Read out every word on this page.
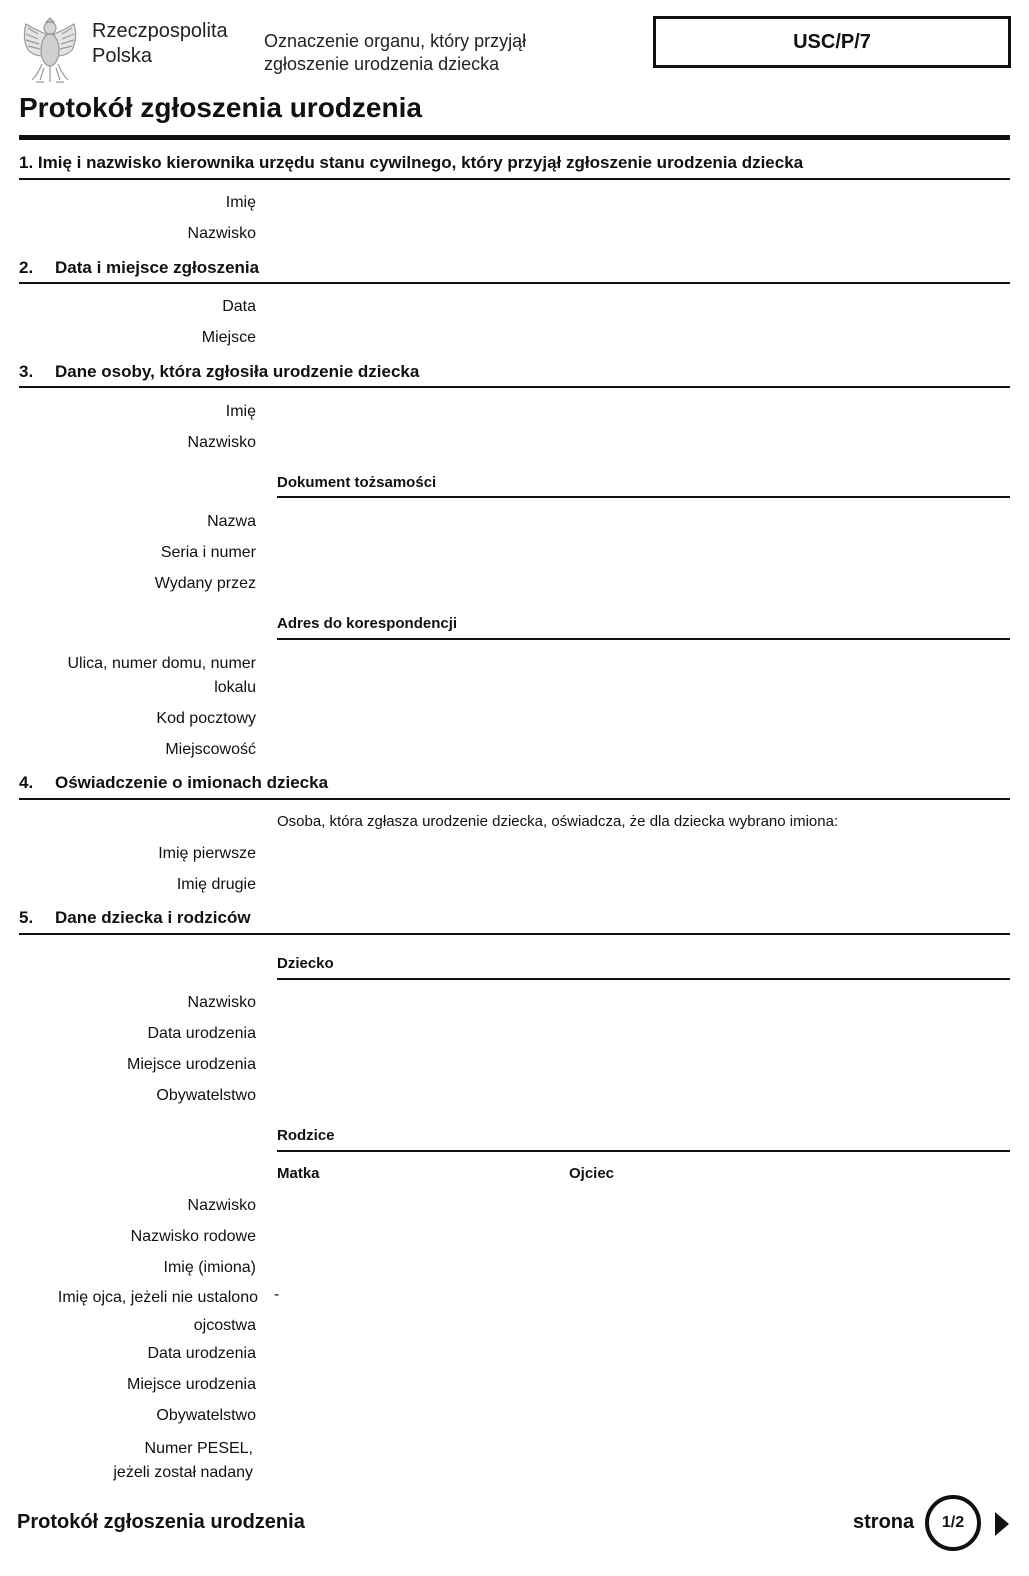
Rzeczpospolita
Polska
Oznaczenie organu, który przyjął
zgłoszenie urodzenia dziecka
USC/P/7
Protokół zgłoszenia urodzenia
1. Imię i nazwisko kierownika urzędu stanu cywilnego, który przyjął zgłoszenie urodzenia dziecka
Imię
Nazwisko
2. Data i miejsce zgłoszenia
Data
Miejsce
3. Dane osoby, która zgłosiła urodzenie dziecka
Imię
Nazwisko
Dokument tożsamości
Nazwa
Seria i numer
Wydany przez
Adres do korespondencji
Ulica, numer domu, numer
lokalu
Kod pocztowy
Miejscowość
4. Oświadczenie o imionach dziecka
Osoba, która zgłasza urodzenie dziecka, oświadcza, że dla dziecka wybrano imiona:
Imię pierwsze
Imię drugie
5. Dane dziecka i rodziców
Dziecko
Nazwisko
Data urodzenia
Miejsce urodzenia
Obywatelstwo
Rodzice
Matka	Ojciec
Nazwisko
Nazwisko rodowe
Imię (imiona)
Imię ojca, jeżeli nie ustalono
ojcostwa
-
Data urodzenia
Miejsce urodzenia
Obywatelstwo
Numer PESEL,
jeżeli został nadany
Protokół zgłoszenia urodzenia	strona	1/2
